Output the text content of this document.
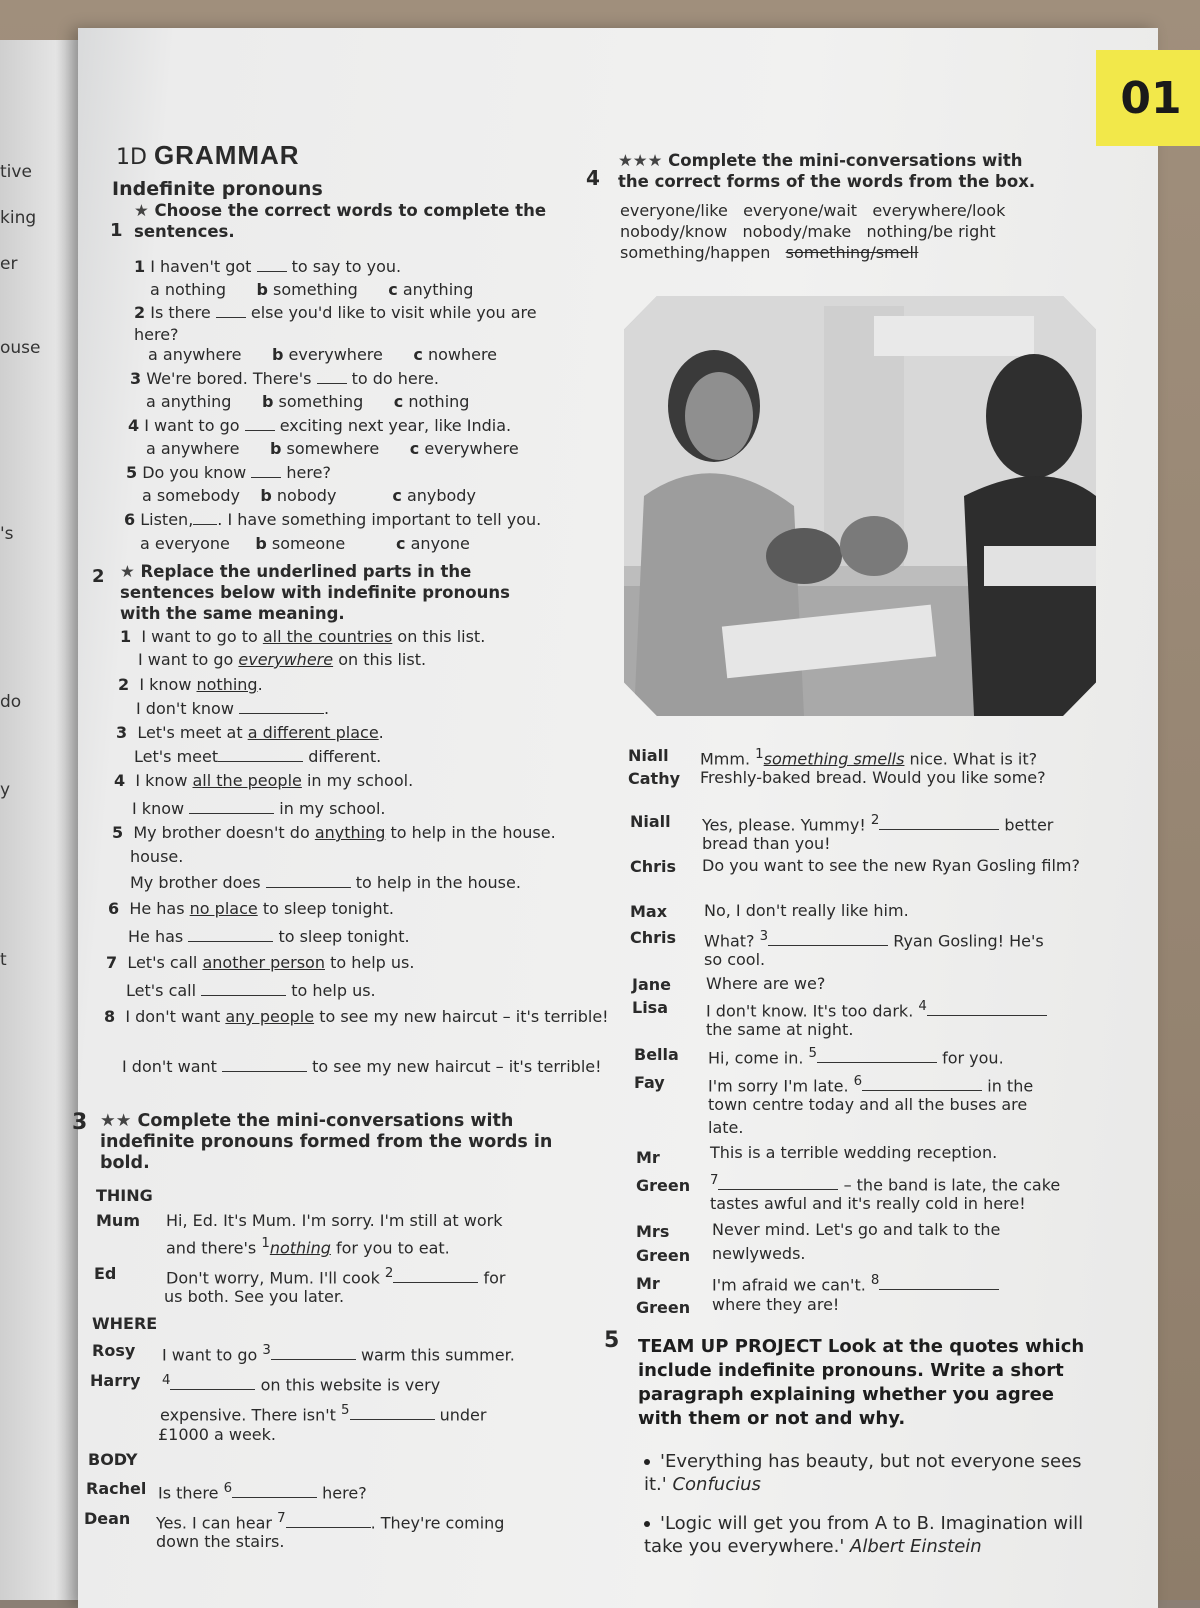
tive
king
er
ouse
's
do
y
t
01
1D GRAMMAR
Indefinite pronouns
1
★ Choose the correct words to complete the sentences.
1 I haven't got	to say to you.
a nothing b something c anything
2 Is there	else you'd like to visit while you are here?
a anywhere b everywhere c nowhere
3 We're bored. There's	to do here.
a anything b something c nothing
4 I want to go	exciting next year, like India.
a anywhere b somewhere c everywhere
5 Do you know	here?
a somebody b nobody	c anybody
6 Listen, . I have something important to tell you.
a everyone b someone	c anyone
2 ★ Replace the underlined parts in the sentences below with indefinite pronouns with the same meaning.
1 I want to go to all the countries on this list.
I want to go everywhere on this list.
2 I know nothing.
I don't know	.
3 Let's meet at a different place.
Let's meet	different.
4 I know all the people in my school.
I know	in my school.
5 My brother doesn't do anything to help in the house.
house.
My brother does	to help in the house.
6 He has no place to sleep tonight.
He has	to sleep tonight.
7 Let's call another person to help us.
Let's call	to help us.
8 I don't want any people to see my new haircut – it's terrible!
I don't want	to see my new haircut – it's terrible!
3 ★★ Complete the mini-conversations with indefinite pronouns formed from the words in bold.
THING
Mum Hi, Ed. It's Mum. I'm sorry. I'm still at work
and there's $^1$nothing for you to eat.
Ed	Don't worry, Mum. I'll cook $^2$	for
us both. See you later.
WHERE
Rosy I want to go $^3$	warm this summer.
Harry $^4$	on this website is very
expensive. There isn't $^5$	under
£1000 a week.
BODY
Rachel Is there $^6$	here?
Dean Yes. I can hear $^7$	. They're coming
down the stairs.
4
★★★ Complete the mini-conversations with the correct forms of the words from the box.
everyone/like everyone/wait everywhere/look
nobody/know nobody/make nothing/be right
something/happen something/smell
Niall Mmm. $^1$something smells nice. What is it?
Cathy Freshly-baked bread. Would you like some?
Niall Yes, please. Yummy! $^2$	better
bread than you!
Chris Do you want to see the new Ryan Gosling film?
Max No, I don't really like him.
Chris What? $^3$	Ryan Gosling! He's
so cool.
Jane Where are we?
Lisa I don't know. It's too dark. $^4$
the same at night.
Bella Hi, come in. $^5$	for you.
Fay	I'm sorry I'm late. $^6$	in the
town centre today and all the buses are
late.
Mr Green
This is a terrible wedding reception.
$^7$	– the band is late, the cake
tastes awful and it's really cold in here!
Mrs Green
Never mind. Let's go and talk to the newlyweds.
Mr Green
I'm afraid we can't. $^8$
where they are!
5 TEAM UP PROJECT Look at the quotes which include indefinite pronouns. Write a short paragraph explaining whether you agree with them or not and why.
'Everything has beauty, but not everyone sees it.' Confucius
'Logic will get you from A to B. Imagination will take you everywhere.' Albert Einstein
